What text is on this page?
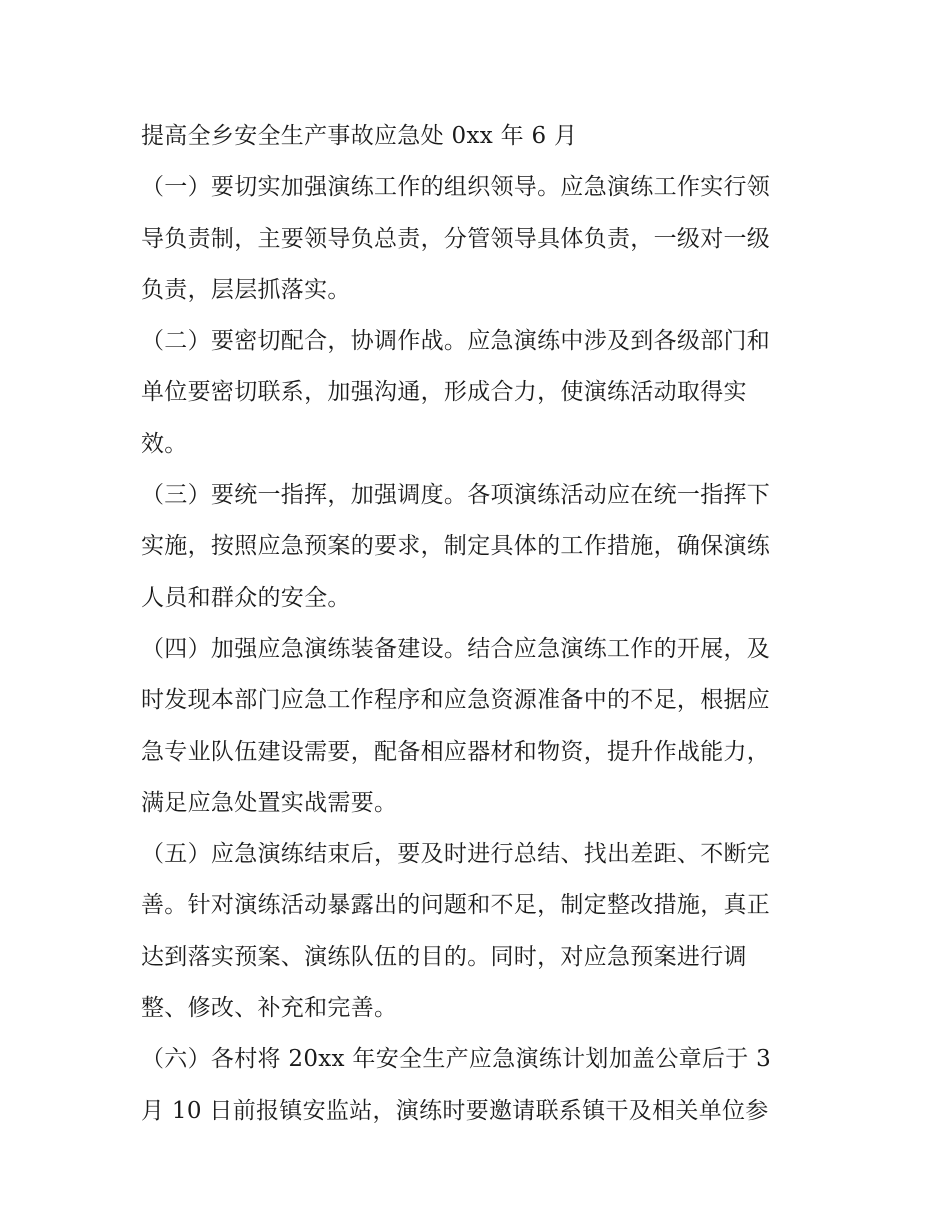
提高全乡安全生产事故应急处 0xx 年 6 月
（一）要切实加强演练工作的组织领导。应急演练工作实行领
导负责制，主要领导负总责，分管领导具体负责，一级对一级
负责，层层抓落实。
（二）要密切配合，协调作战。应急演练中涉及到各级部门和
单位要密切联系，加强沟通，形成合力，使演练活动取得实
效。
（三）要统一指挥，加强调度。各项演练活动应在统一指挥下
实施，按照应急预案的要求，制定具体的工作措施，确保演练
人员和群众的安全。
（四）加强应急演练装备建设。结合应急演练工作的开展，及
时发现本部门应急工作程序和应急资源准备中的不足，根据应
急专业队伍建设需要，配备相应器材和物资，提升作战能力，
满足应急处置实战需要。
（五）应急演练结束后，要及时进行总结、找出差距、不断完
善。针对演练活动暴露出的问题和不足，制定整改措施，真正
达到落实预案、演练队伍的目的。同时，对应急预案进行调
整、修改、补充和完善。
（六）各村将 20xx 年安全生产应急演练计划加盖公章后于 3
月 10 日前报镇安监站，演练时要邀请联系镇干及相关单位参
